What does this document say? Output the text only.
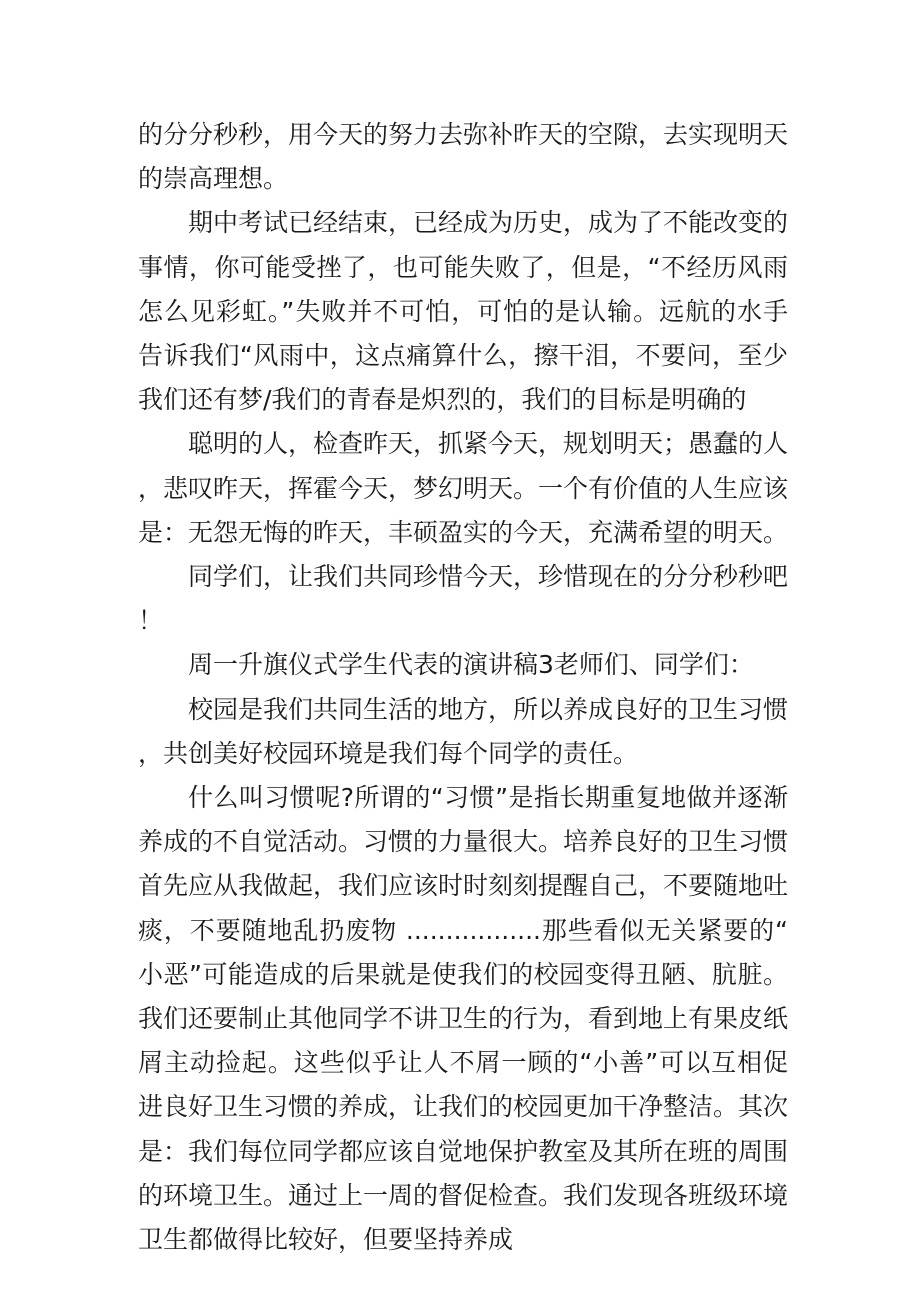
的分分秒秒，用今天的努力去弥补昨天的空隙，去实现明天的崇高理想。

期中考试已经结束，已经成为历史，成为了不能改变的事情，你可能受挫了，也可能失败了，但是，“不经历风雨怎么见彩虹。”失败并不可怕，可怕的是认输。远航的水手告诉我们“风雨中，这点痛算什么，擦干泪，不要问，至少我们还有梦/我们的青春是炽烈的，我们的目标是明确的

聪明的人，检查昨天，抓紧今天，规划明天；愚蠢的人，悲叹昨天，挥霍今天，梦幻明天。一个有价值的人生应该是：无怨无悔的昨天，丰硕盈实的今天，充满希望的明天。

同学们，让我们共同珍惜今天，珍惜现在的分分秒秒吧！

周一升旗仪式学生代表的演讲稿3老师们、同学们：

校园是我们共同生活的地方，所以养成良好的卫生习惯，共创美好校园环境是我们每个同学的责任。

什么叫习惯呢?所谓的“习惯”是指长期重复地做并逐渐养成的不自觉活动。习惯的力量很大。培养良好的卫生习惯首先应从我做起，我们应该时时刻刻提醒自己，不要随地吐痰，不要随地乱扔废物 .................那些看似无关紧要的“小恶”可能造成的后果就是使我们的校园变得丑陋、肮脏。我们还要制止其他同学不讲卫生的行为，看到地上有果皮纸屑主动捡起。这些似乎让人不屑一顾的“小善”可以互相促进良好卫生习惯的养成，让我们的校园更加干净整洁。其次是：我们每位同学都应该自觉地保护教室及其所在班的周围的环境卫生。通过上一周的督促检查。我们发现各班级环境卫生都做得比较好，但要坚持养成
